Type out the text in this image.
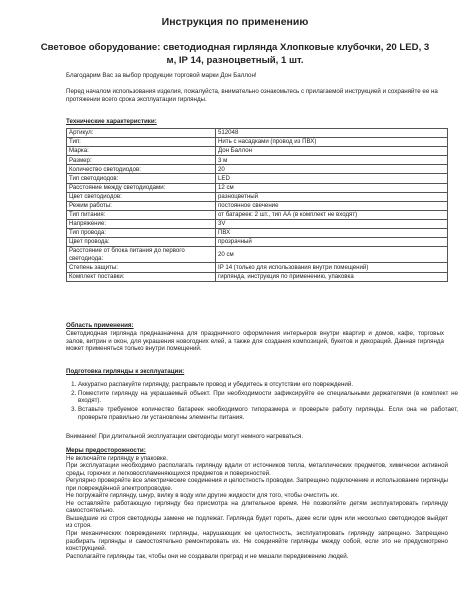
Инструкция по применению
Световое оборудование: светодиодная гирлянда Хлопковые клубочки, 20 LED, 3 м, IP 14, разноцветный, 1 шт.
Благодарим Вас за выбор продукции торговой марки Дон Баллон!
Перед началом использования изделия, пожалуйста, внимательно ознакомьтесь с прилагаемой инструкцией и сохраняйте ее на протяжении всего срока эксплуатации гирлянды.
Технические характеристики:
Артикул:	512048
Тип:	Нить с насадками (провод из ПВХ)
Марка:	Дон Баллон
Размер:	3 м
Количество светодиодов:	20
Тип светодиодов:	LED
Расстояние между светодиодами:	12 см
Цвет светодиодов:	разноцветный
Режим работы:	постоянное свечение
Тип питания:	от батареек: 2 шт., тип АА (в комплект не входят)
Напряжение:	3V
Тип провода:	ПВХ
Цвет провода:	прозрачный
Расстояние от блока питания до первого светодиода:	20 см
Степень защиты:	IP 14 (только для использования внутри помещений)
Комплект поставки:	гирлянда, инструкция по применению, упаковка
Область применения:
Светодиодная гирлянда предназначена для праздничного оформления интерьеров внутри квартир и домов, кафе, торговых залов, витрин и окон, для украшения новогодних елей, а также для создания композиций, букетов и декораций. Данная гирлянда может применяться только внутри помещений.
Подготовка гирлянды к эксплуатации:
1. Аккуратно распакуйте гирлянду, расправьте провод и убедитесь в отсутствии его повреждений.
2. Поместите гирлянду на украшаемый объект. При необходимости зафиксируйте ее специальными держателями (в комплект не входят).
3. Вставьте требуемое количество батареек необходимого типоразмера и проверьте работу гирлянды. Если она не работает, проверьте правильно ли установлены элементы питания.
Внимание! При длительной эксплуатации светодиоды могут немного нагреваться.
Меры предосторожности:
Не включайте гирлянду в упаковке.
При эксплуатации необходимо располагать гирлянду вдали от источников тепла, металлических предметов, химически активной среды, горючих и легковоспламеняющихся предметов и поверхностей.
Регулярно проверяйте все электрические соединения и целостность проводки. Запрещено подключение и использование гирлянды при повреждённой электропроводке.
Не погружайте гирлянду, шнур, вилку в воду или другие жидкости для того, чтобы очистить их.
Не оставляйте работающую гирлянду без присмотра на длительное время. Не позволяйте детям эксплуатировать гирлянду самостоятельно.
Вышедшие из строя светодиоды замене не подлежат. Гирлянда будет гореть, даже если один или несколько светодиодов выйдет из строя.
При механических повреждениях гирлянды, нарушающих ее целостность, эксплуатировать гирлянду запрещено. Запрещено разбирать гирлянды и самостоятельно ремонтировать их. Не соединяйте гирлянды между собой, если это не предусмотрено конструкцией.
Располагайте гирлянды так, чтобы они не создавали преград и не мешали передвижению людей.
